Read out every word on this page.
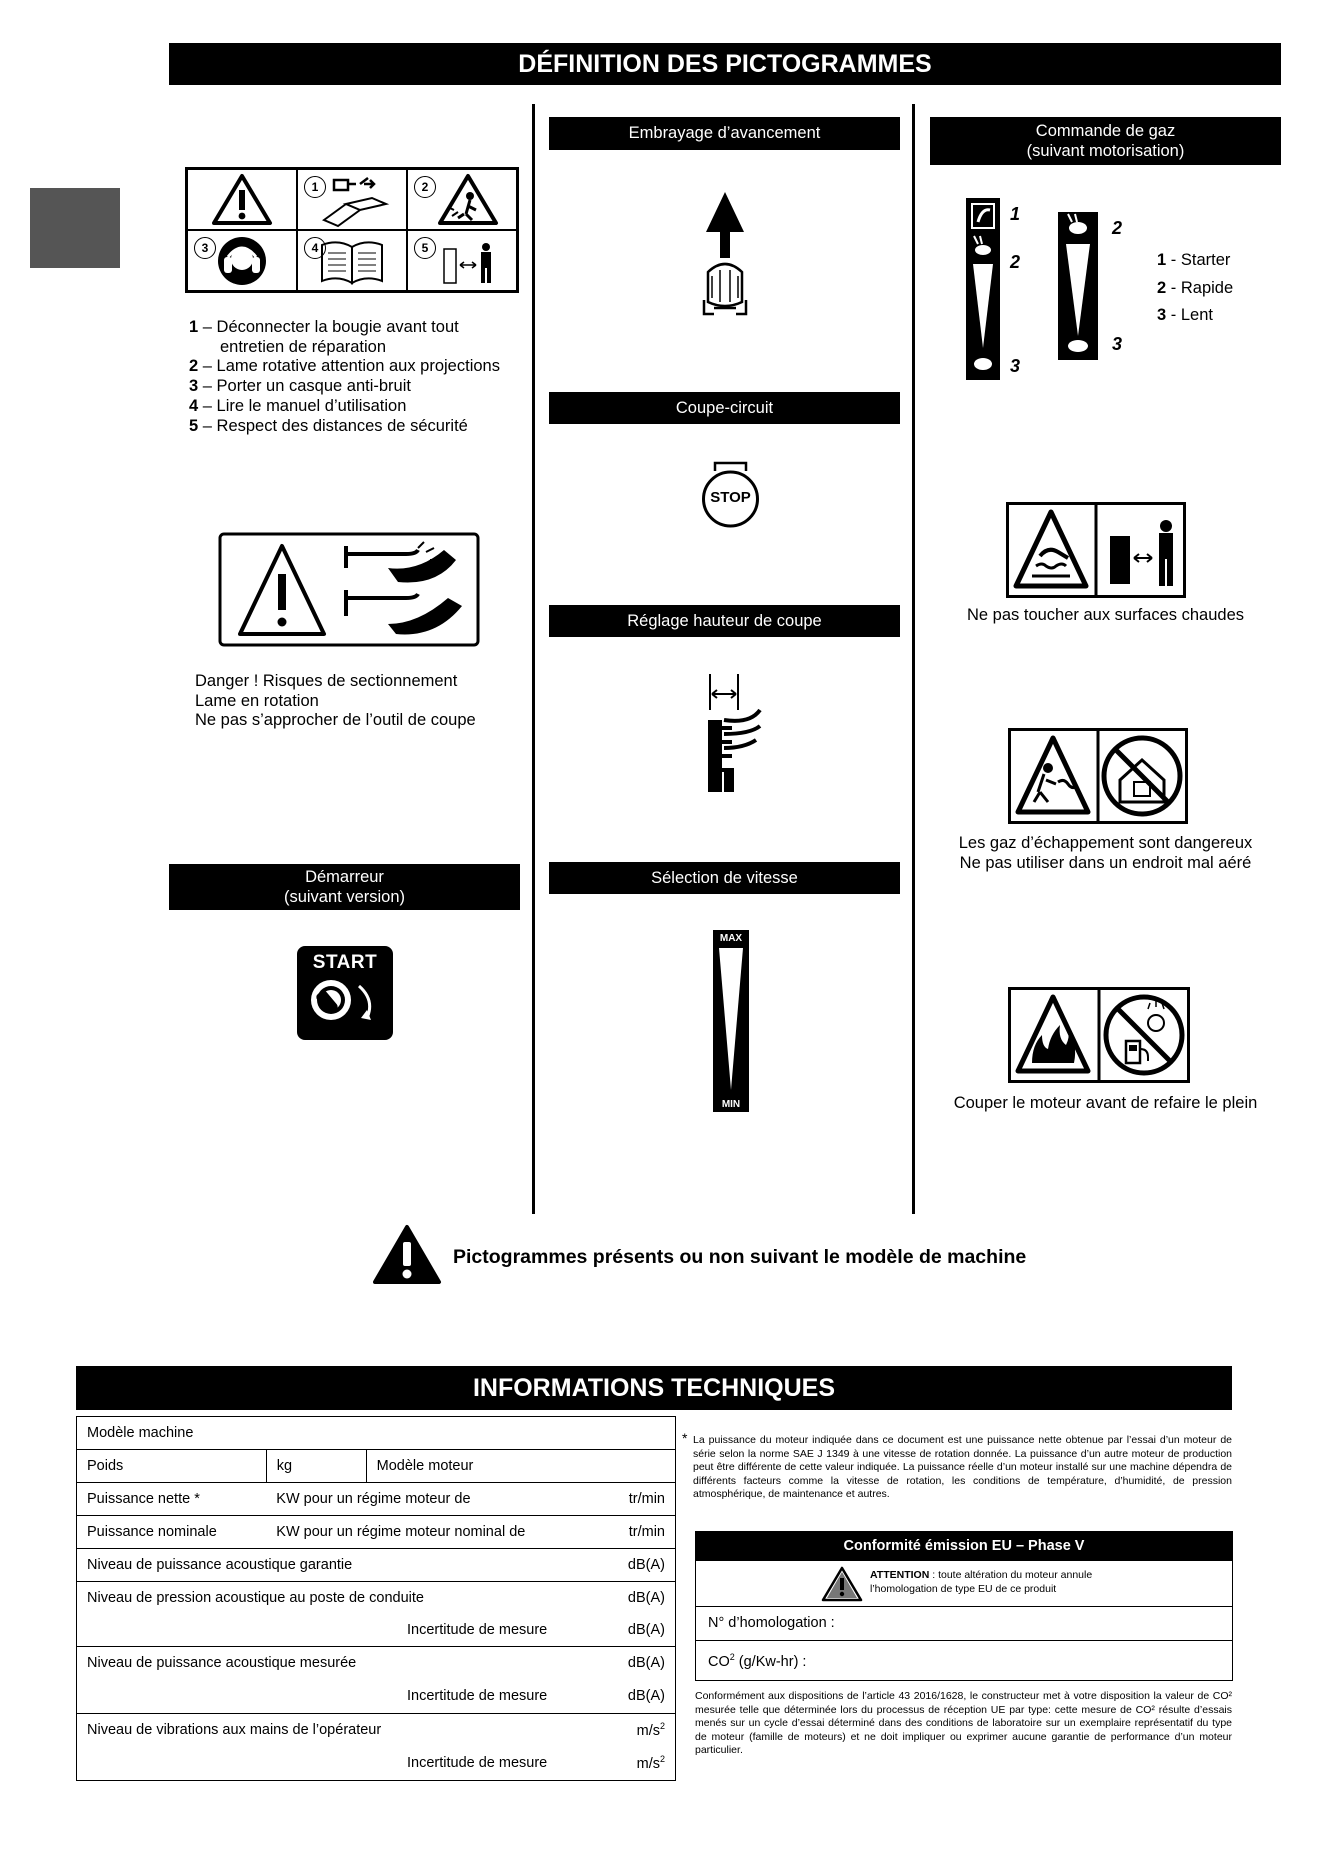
DÉFINITION DES PICTOGRAMMES
1	2
3	4	5
1 – Déconnecter la bougie avant tout
entretien de réparation
2 – Lame rotative attention aux projections
3 – Porter un casque anti-bruit
4 – Lire le manuel d’utilisation
5 – Respect des distances de sécurité
Danger ! Risques de sectionnement
Lame en rotation
Ne pas s’approcher de l’outil de coupe
Démarreur
(suivant version)
START
Embrayage d’avancement
Coupe-circuit
STOP
Réglage hauteur de coupe
Sélection de vitesse
MAX
MIN
Commande de gaz
(suivant motorisation)
1
2
3
2
3
1 - Starter
2 - Rapide
3 - Lent
Ne pas toucher aux surfaces chaudes
Les gaz d’échappement sont dangereux
Ne pas utiliser dans un endroit mal aéré
Couper le moteur avant de refaire le plein
Pictogrammes présents ou non suivant le modèle de machine
INFORMATIONS TECHNIQUES
Modèle machine			
Poids	kg	Modèle moteur	
Puissance nette *	KW pour un régime moteur de		tr/min
Puissance nominale	KW pour un régime moteur nominal de		tr/min
Niveau de puissance acoustique garantie			dB(A)
Niveau de pression acoustique au poste de conduite			dB(A)
Incertitude de mesure			dB(A)
Niveau de puissance acoustique mesurée			dB(A)
Incertitude de mesure			dB(A)
Niveau de vibrations aux mains de l’opérateur			$m/s^2$
Incertitude de mesure			$m/s^2$
* La puissance du moteur indiquée dans ce document est une puissance nette obtenue par l’essai d’un moteur de série selon la norme SAE J 1349 à une vitesse de rotation donnée. La puissance d’un autre moteur de production peut être différente de cette valeur indiquée. La puissance réelle d’un moteur installé sur une machine dépendra de différents facteurs comme la vitesse de rotation, les conditions de température, d’humidité, de pression atmosphérique, de maintenance et autres.
Conformité émission EU – Phase V
ATTENTION : toute altération du moteur annule
l’homologation de type EU de ce produit
N° d’homologation :
$CO^2$ (g/Kw-hr) :
Conformément aux dispositions de l’article 43 2016/1628, le constructeur met à votre disposition la valeur de CO² mesurée telle que déterminée lors du processus de réception UE par type: cette mesure de CO² résulte d’essais menés sur un cycle d’essai déterminé dans des conditions de laboratoire sur un exemplaire représentatif du type de moteur (famille de moteurs) et ne doit impliquer ou exprimer aucune garantie de performance d’un moteur particulier.
